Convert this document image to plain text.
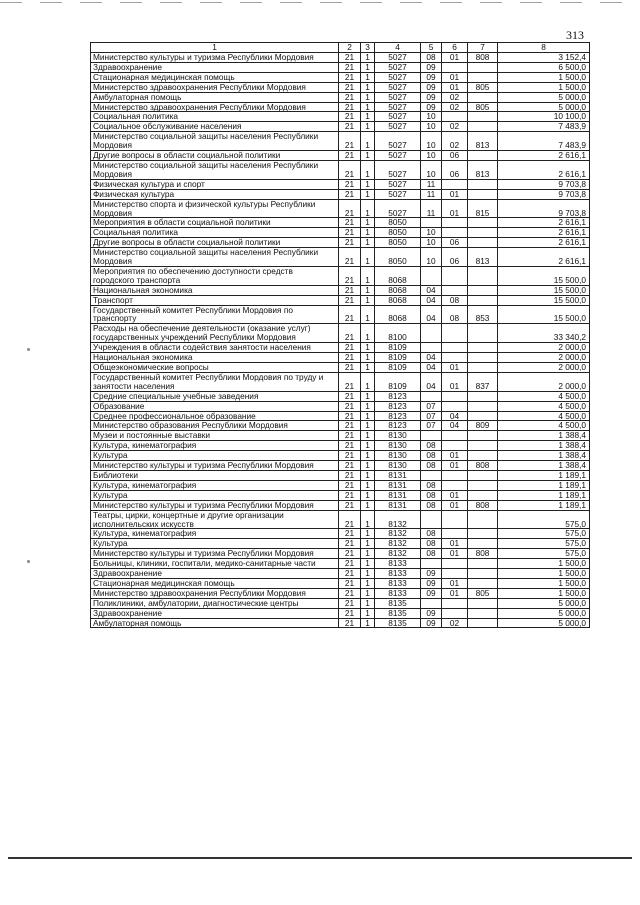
313
1	2	3	4	5	6	7	8
Министерство культуры и туризма Республики Мордовия	21	1	5027	08	01	808	3 152,4
Здравоохранение	21	1	5027	09			6 500,0
Стационарная медицинская помощь	21	1	5027	09	01		1 500,0
Министерство здравоохранения Республики Мордовия	21	1	5027	09	01	805	1 500,0
Амбулаторная помощь	21	1	5027	09	02		5 000,0
Министерство здравоохранения Республики Мордовия	21	1	5027	09	02	805	5 000,0
Социальная политика	21	1	5027	10			10 100,0
Социальное обслуживание населения	21	1	5027	10	02		7 483,9
Министерство социальной защиты населения Республики Мордовия	21	1	5027	10	02	813	7 483,9
Другие вопросы в области социальной политики	21	1	5027	10	06		2 616,1
Министерство социальной защиты населения Республики Мордовия	21	1	5027	10	06	813	2 616,1
Физическая культура и спорт	21	1	5027	11			9 703,8
Физическая культура	21	1	5027	11	01		9 703,8
Министерство спорта и физической культуры Республики Мордовия	21	1	5027	11	01	815	9 703,8
Мероприятия в области социальной политики	21	1	8050				2 616,1
Социальная политика	21	1	8050	10			2 616,1
Другие вопросы в области социальной политики	21	1	8050	10	06		2 616,1
Министерство социальной защиты населения Республики Мордовия	21	1	8050	10	06	813	2 616,1
Мероприятия по обеспечению доступности средств городского транспорта	21	1	8068				15 500,0
Национальная экономика	21	1	8068	04			15 500,0
Транспорт	21	1	8068	04	08		15 500,0
Государственный комитет Республики Мордовия по транспорту	21	1	8068	04	08	853	15 500,0
Расходы на обеспечение деятельности (оказание услуг) государственных учреждений Республики Мордовия	21	1	8100				33 340,2
Учреждения в области содействия занятости населения	21	1	8109				2 000,0
Национальная экономика	21	1	8109	04			2 000,0
Общеэкономические вопросы	21	1	8109	04	01		2 000,0
Государственный комитет Республики Мордовия по труду и занятости населения	21	1	8109	04	01	837	2 000,0
Средние специальные учебные заведения	21	1	8123				4 500,0
Образование	21	1	8123	07			4 500,0
Среднее профессиональное образование	21	1	8123	07	04		4 500,0
Министерство образования Республики Мордовия	21	1	8123	07	04	809	4 500,0
Музеи и постоянные выставки	21	1	8130				1 388,4
Культура, кинематография	21	1	8130	08			1 388,4
Культура	21	1	8130	08	01		1 388,4
Министерство культуры и туризма Республики Мордовия	21	1	8130	08	01	808	1 388,4
Библиотеки	21	1	8131				1 189,1
Культура, кинематография	21	1	8131	08			1 189,1
Культура	21	1	8131	08	01		1 189,1
Министерство культуры и туризма Республики Мордовия	21	1	8131	08	01	808	1 189,1
Театры, цирки, концертные и другие организации исполнительских искусств	21	1	8132				575,0
Культура, кинематография	21	1	8132	08			575,0
Культура	21	1	8132	08	01		575,0
Министерство культуры и туризма Республики Мордовия	21	1	8132	08	01	808	575,0
Больницы, клиники, госпитали, медико-санитарные части	21	1	8133				1 500,0
Здравоохранение	21	1	8133	09			1 500,0
Стационарная медицинская помощь	21	1	8133	09	01		1 500,0
Министерство здравоохранения Республики Мордовия	21	1	8133	09	01	805	1 500,0
Поликлиники, амбулатории, диагностические центры	21	1	8135				5 000,0
Здравоохранение	21	1	8135	09			5 000,0
Амбулаторная помощь	21	1	8135	09	02		5 000,0
